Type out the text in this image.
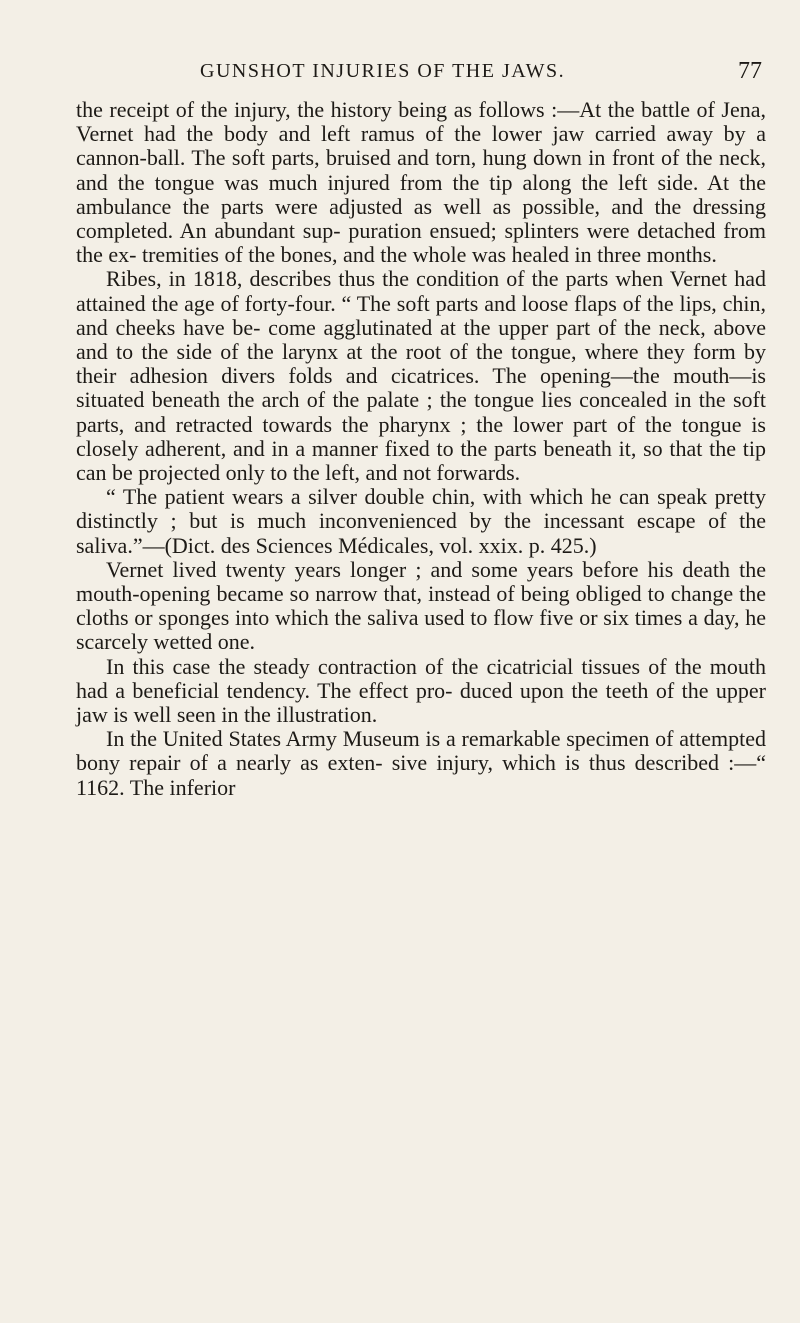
GUNSHOT INJURIES OF THE JAWS.	77

the receipt of the injury, the history being as follows :—At the battle of Jena, Vernet had the body and left ramus of the lower jaw carried away by a cannon-ball. The soft parts, bruised and torn, hung down in front of the neck, and the tongue was much injured from the tip along the left side. At the ambulance the parts were adjusted as well as possible, and the dressing completed. An abundant sup- puration ensued; splinters were detached from the ex- tremities of the bones, and the whole was healed in three months.

Ribes, in 1818, describes thus the condition of the parts when Vernet had attained the age of forty-four. “ The soft parts and loose flaps of the lips, chin, and cheeks have be- come agglutinated at the upper part of the neck, above and to the side of the larynx at the root of the tongue, where they form by their adhesion divers folds and cicatrices. The opening—the mouth—is situated beneath the arch of the palate ; the tongue lies concealed in the soft parts, and retracted towards the pharynx ; the lower part of the tongue is closely adherent, and in a manner fixed to the parts beneath it, so that the tip can be projected only to the left, and not forwards.

“ The patient wears a silver double chin, with which he can speak pretty distinctly ; but is much inconvenienced by the incessant escape of the saliva.”—(Dict. des Sciences Médicales, vol. xxix. p. 425.)

Vernet lived twenty years longer ; and some years before his death the mouth-opening became so narrow that, instead of being obliged to change the cloths or sponges into which the saliva used to flow five or six times a day, he scarcely wetted one.

In this case the steady contraction of the cicatricial tissues of the mouth had a beneficial tendency. The effect pro- duced upon the teeth of the upper jaw is well seen in the illustration.

In the United States Army Museum is a remarkable specimen of attempted bony repair of a nearly as exten- sive injury, which is thus described :—“ 1162. The inferior
